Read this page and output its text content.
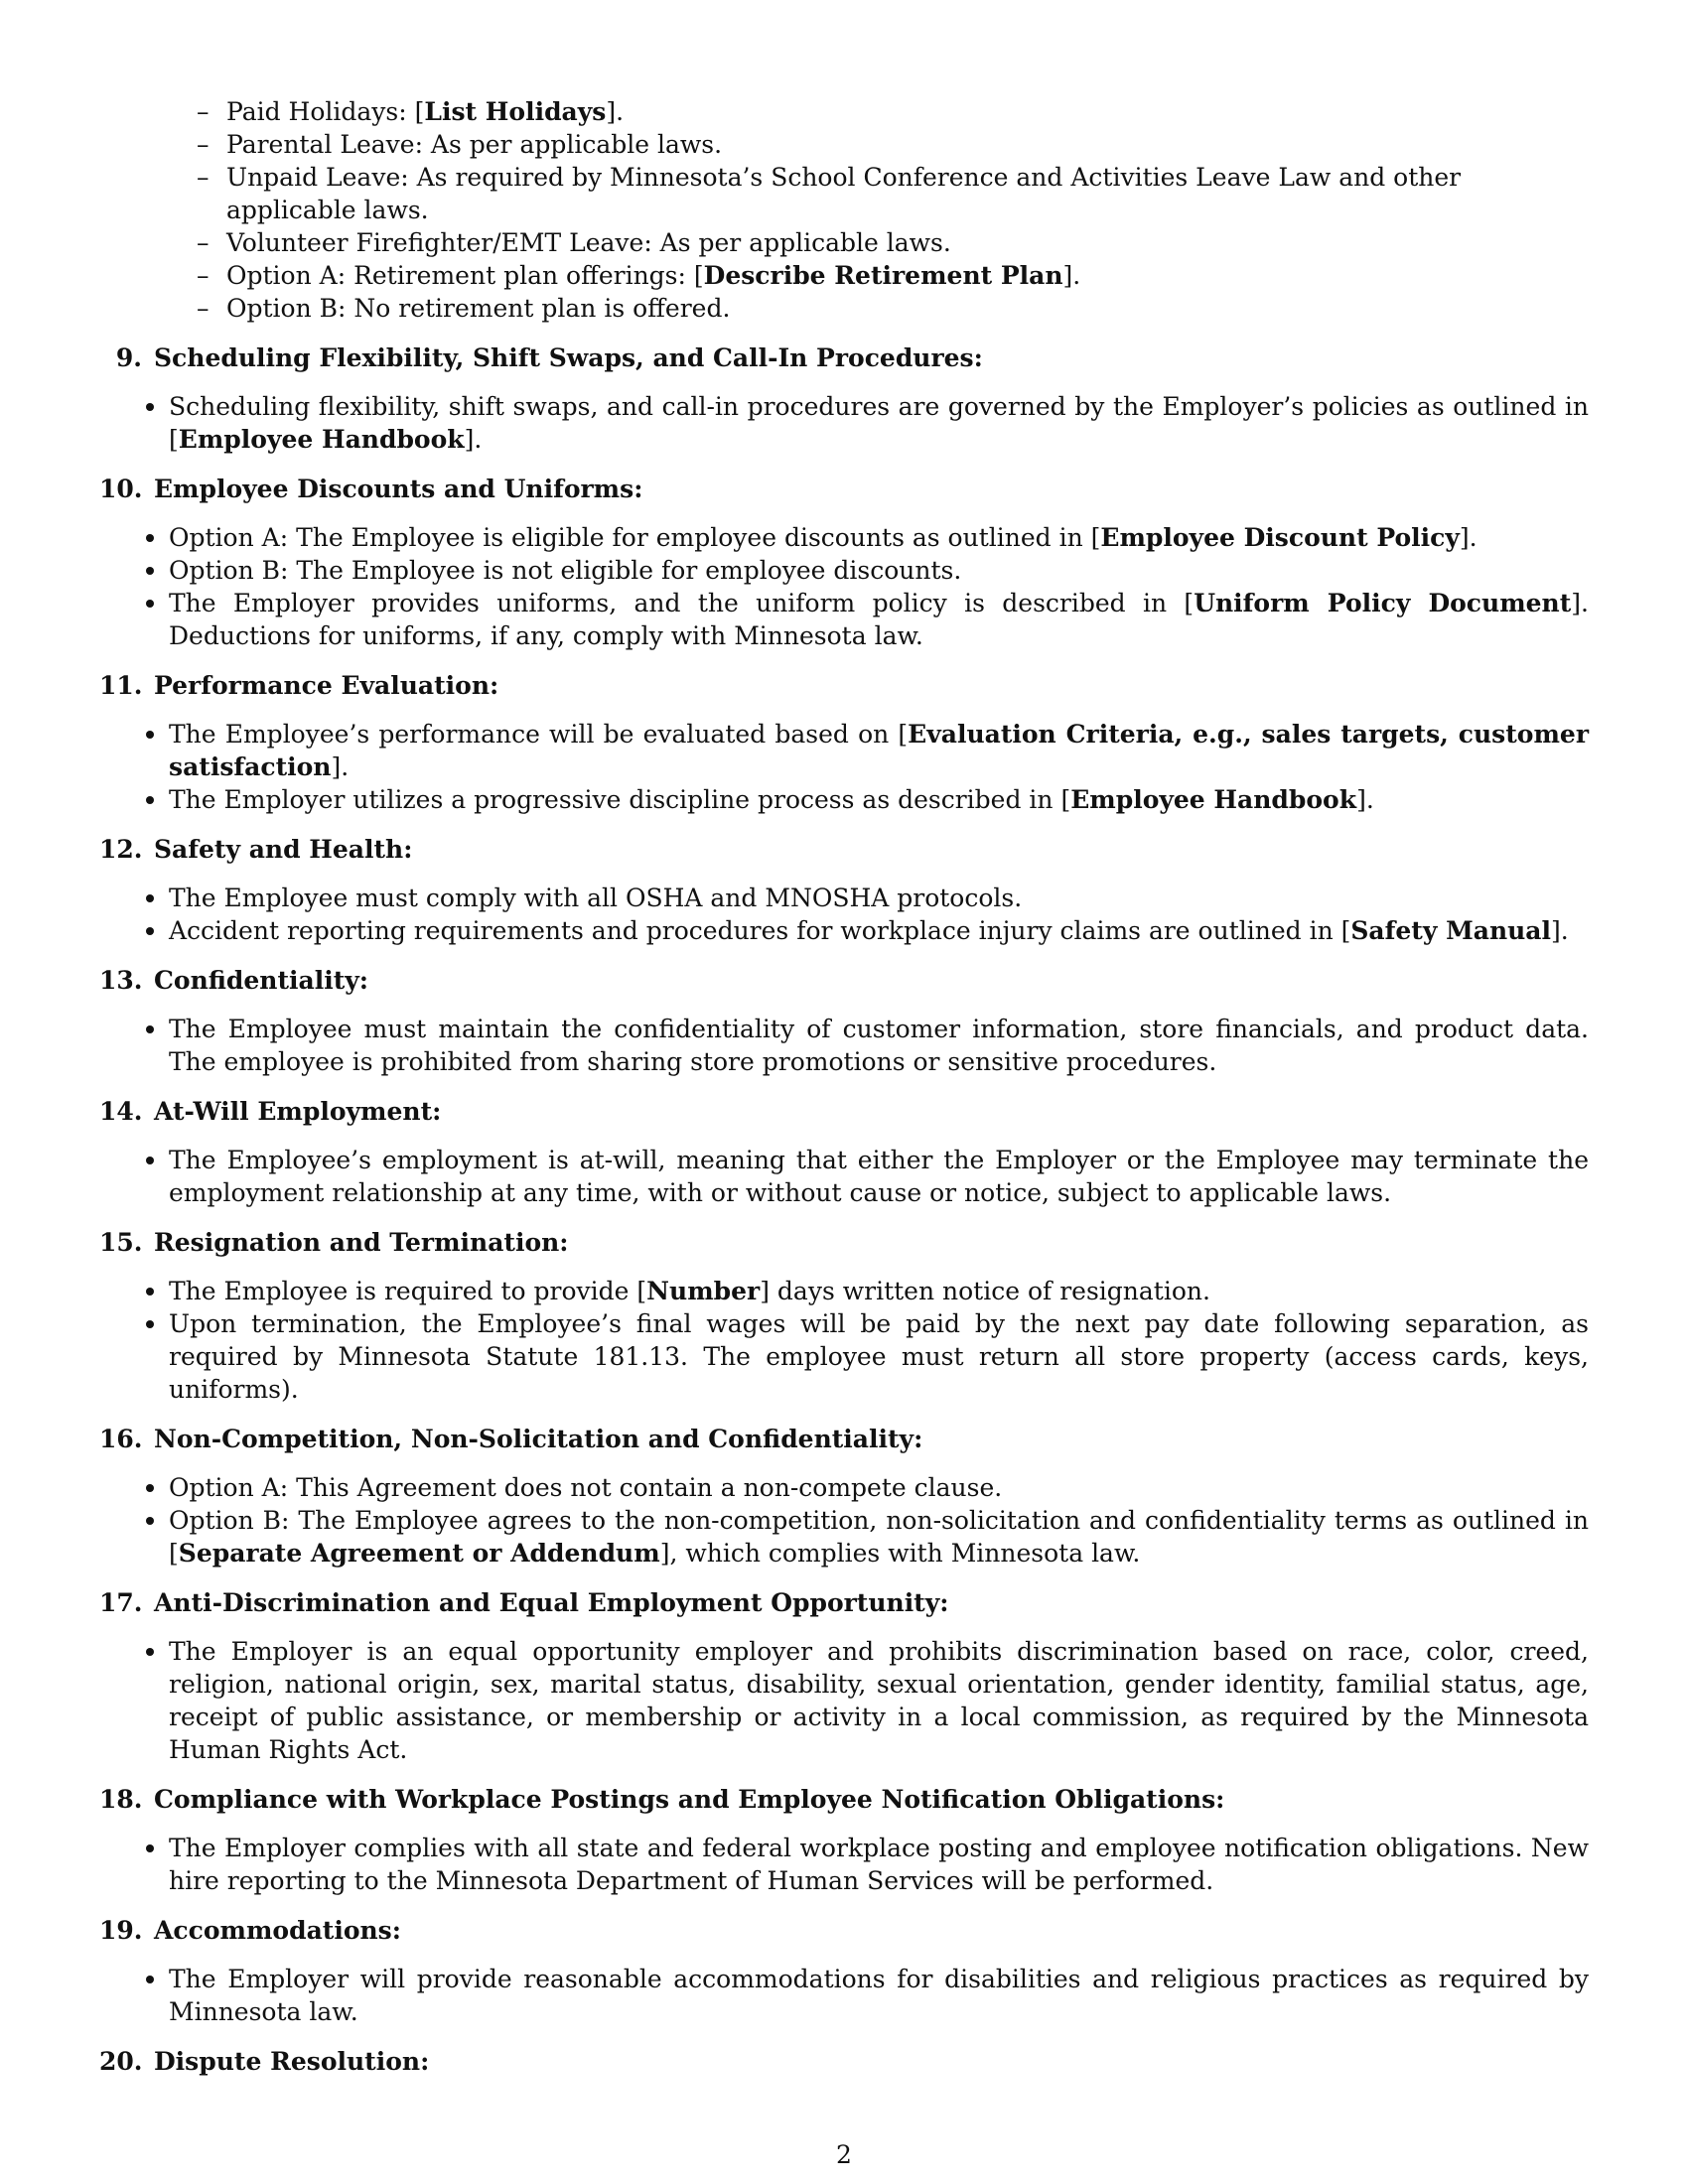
– Paid Holidays: [List Holidays].
– Parental Leave: As per applicable laws.
– Unpaid Leave: As required by Minnesota’s School Conference and Activities Leave Law and other applicable laws.
– Volunteer Firefighter/EMT Leave: As per applicable laws.
– Option A: Retirement plan offerings: [Describe Retirement Plan].
– Option B: No retirement plan is offered.
9. Scheduling Flexibility, Shift Swaps, and Call-In Procedures:
Scheduling flexibility, shift swaps, and call-in procedures are governed by the Employer’s policies as outlined in [Employee Handbook].
10. Employee Discounts and Uniforms:
Option A: The Employee is eligible for employee discounts as outlined in [Employee Discount Policy].
Option B: The Employee is not eligible for employee discounts.
The Employer provides uniforms, and the uniform policy is described in [Uniform Policy Document]. Deductions for uniforms, if any, comply with Minnesota law.
11. Performance Evaluation:
The Employee’s performance will be evaluated based on [Evaluation Criteria, e.g., sales targets, customer satisfaction].
The Employer utilizes a progressive discipline process as described in [Employee Handbook].
12. Safety and Health:
The Employee must comply with all OSHA and MNOSHA protocols.
Accident reporting requirements and procedures for workplace injury claims are outlined in [Safety Manual].
13. Confidentiality:
The Employee must maintain the confidentiality of customer information, store financials, and product data. The employee is prohibited from sharing store promotions or sensitive procedures.
14. At-Will Employment:
The Employee’s employment is at-will, meaning that either the Employer or the Employee may terminate the employment relationship at any time, with or without cause or notice, subject to applicable laws.
15. Resignation and Termination:
The Employee is required to provide [Number] days written notice of resignation.
Upon termination, the Employee’s final wages will be paid by the next pay date following separation, as required by Minnesota Statute 181.13. The employee must return all store property (access cards, keys, uniforms).
16. Non-Competition, Non-Solicitation and Confidentiality:
Option A: This Agreement does not contain a non-compete clause.
Option B: The Employee agrees to the non-competition, non-solicitation and confidentiality terms as outlined in [Separate Agreement or Addendum], which complies with Minnesota law.
17. Anti-Discrimination and Equal Employment Opportunity:
The Employer is an equal opportunity employer and prohibits discrimination based on race, color, creed, religion, national origin, sex, marital status, disability, sexual orientation, gender identity, familial status, age, receipt of public assistance, or membership or activity in a local commission, as required by the Minnesota Human Rights Act.
18. Compliance with Workplace Postings and Employee Notification Obligations:
The Employer complies with all state and federal workplace posting and employee notification obligations. New hire reporting to the Minnesota Department of Human Services will be performed.
19. Accommodations:
The Employer will provide reasonable accommodations for disabilities and religious practices as required by Minnesota law.
20. Dispute Resolution:
2
